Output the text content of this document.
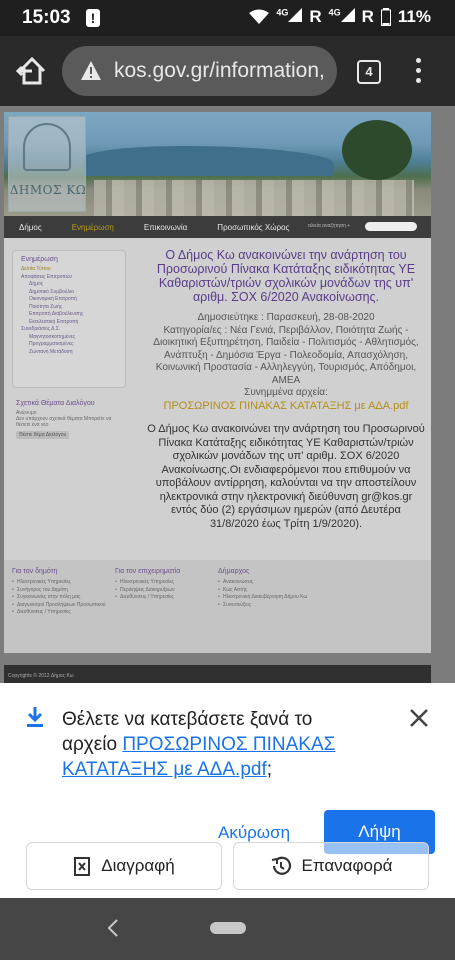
15:03	!	$^{4G}$	R $^{4G}$	R 11%
kos.gov.gr/information,	4
ΔΗΜΟΣ ΚΩ
Δήμος	Ενημέρωση	Επικοινωνία	Προσωπικός Χώρος	αλιεία αναζήτηση +
Ενημέρωση
Δελτία Τύπου
Αποφάσεις Επιτροπών
Δήμος
Δημοτικό Συμβούλιο
Οικονομική Επιτροπή
Ποιότητα Ζωής
Επιτροπή Διαβούλευσης
Εκτελεστική Επιτροπή
Συνεδριάσεις Δ.Σ.
Μαγνητοσκοπημένες
Προγραμματισμένες
Ζωντανή Μετάδοση
Σχετικά Θέματα Διαλόγου
Ανώνυμο
Δεν υπάρχουν σχετικά θέματα Μπορείτε να θέσετε ένα νέο
Θέστε θέμα Διαλόγου
Ο Δήμος Κω ανακοινώνει την ανάρτηση του Προσωρινού Πίνακα Κατάταξης ειδικότητας ΥΕ Καθαριστών/τριών σχολικών μονάδων της υπ' αριθμ. ΣΟΧ 6/2020 Ανακοίνωσης.
Δημοσιεύτηκε : Παρασκευή, 28-08-2020
Κατηγορία/ες : Νέα Γενιά, Περιβάλλον, Ποιότητα Ζωής - Διοικητική Εξυπηρέτηση, Παιδεία - Πολιτισμός - Αθλητισμός, Ανάπτυξη - Δημόσια Έργα - Πολεοδομία, Απασχόληση, Κοινωνική Προστασία - Αλληλεγγύη, Τουρισμός, Απόδημοι, ΑΜΕΑ
Συνημμένα αρχεία:
ΠΡΟΣΩΡΙΝΟΣ ΠΙΝΑΚΑΣ ΚΑΤΑΤΑΞΗΣ με ΑΔΑ.pdf
Ο Δήμος Κω ανακοινώνει την ανάρτηση του Προσωρινού Πίνακα Κατάταξης ειδικότητας ΥΕ Καθαριστών/τριών σχολικών μονάδων της υπ' αριθμ. ΣΟΧ 6/2020 Ανακοίνωσης.Οι ενδιαφερόμενοι που επιθυμούν να υποβάλουν αντίρρηση, καλούνται να την αποστείλουν ηλεκτρονικά στην ηλεκτρονική διεύθυνση gr@kos.gr εντός δύο (2) εργάσιμων ημερών (από Δευτέρα 31/8/2020 έως Τρίτη 1/9/2020).
Για τον δημότη
• Ηλεκτρονικές Υπηρεσίες
• Συνήγορος του Δημότη
• Συγκοινωνίες στην πόλη μας
• Διαγωνισμοί Προσλήψεων Προσωπικού
• Διευθύνσεις / Υπηρεσίες
Για τον επιχειρηματία
• Ηλεκτρονικές Υπηρεσίες
• Περιλήψεις Διακηρύξεων
• Διευθύνσεις / Υπηρεσίες
Δήμαρχος
• Ανακοινώσεις
• Κως Αστής
• Ηλεκτρονική Διακυβέρνηση Δήμου Κω
• Συνεντεύξεις
Copyrights © 2012 Δήμος Κω
Θέλετε να κατεβάσετε ξανά το αρχείο ΠΡΟΣΩΡΙΝΟΣ ΠΙΝΑΚΑΣ ΚΑΤΑΤΑΞΗΣ με ΑΔΑ.pdf;
Ακύρωση	Λήψη
Διαγραφή	Επαναφορά
